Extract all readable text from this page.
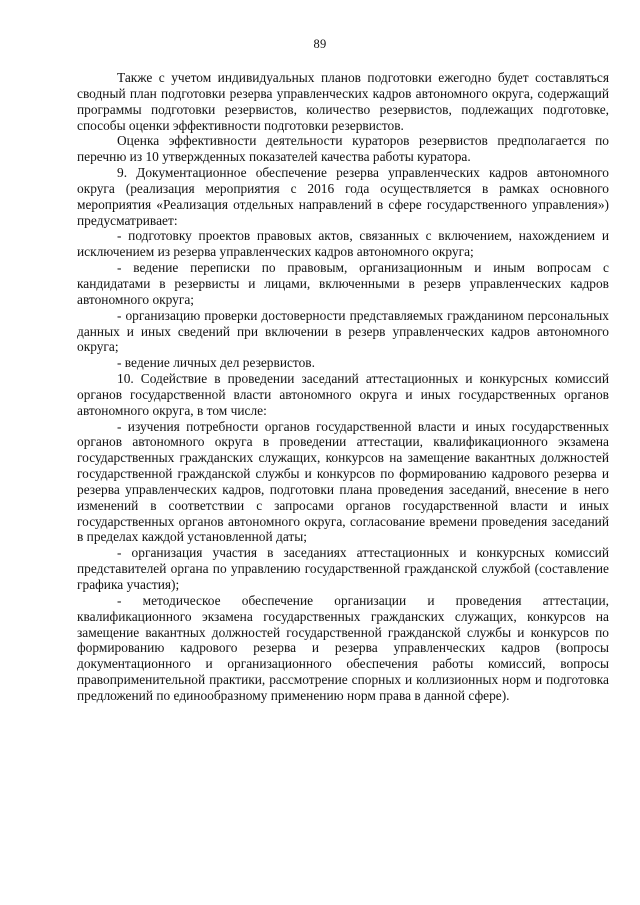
89

Также с учетом индивидуальных планов подготовки ежегодно будет составляться сводный план подготовки резерва управленческих кадров автономного округа, содержащий программы подготовки резервистов, количество резервистов, подлежащих подготовке, способы оценки эффективности подготовки резервистов.

Оценка эффективности деятельности кураторов резервистов предполагается по перечню из 10 утвержденных показателей качества работы куратора.

9. Документационное обеспечение резерва управленческих кадров автономного округа (реализация мероприятия с 2016 года осуществляется в рамках основного мероприятия «Реализация отдельных направлений в сфере государственного управления») предусматривает:

- подготовку проектов правовых актов, связанных с включением, нахождением и исключением из резерва управленческих кадров автономного округа;

- ведение переписки по правовым, организационным и иным вопросам с кандидатами в резервисты и лицами, включенными в резерв управленческих кадров автономного округа;

- организацию проверки достоверности представляемых гражданином персональных данных и иных сведений при включении в резерв управленческих кадров автономного округа;

- ведение личных дел резервистов.

10. Содействие в проведении заседаний аттестационных и конкурсных комиссий органов государственной власти автономного округа и иных государственных органов автономного округа, в том числе:

- изучения потребности органов государственной власти и иных государственных органов автономного округа в проведении аттестации, квалификационного экзамена государственных гражданских служащих, конкурсов на замещение вакантных должностей государственной гражданской службы и конкурсов по формированию кадрового резерва и резерва управленческих кадров, подготовки плана проведения заседаний, внесение в него изменений в соответствии с запросами органов государственной власти и иных государственных органов автономного округа, согласование времени проведения заседаний в пределах каждой установленной даты;

- организация участия в заседаниях аттестационных и конкурсных комиссий представителей органа по управлению государственной гражданской службой (составление графика участия);

- методическое обеспечение организации и проведения аттестации, квалификационного экзамена государственных гражданских служащих, конкурсов на замещение вакантных должностей государственной гражданской службы и конкурсов по формированию кадрового резерва и резерва управленческих кадров (вопросы документационного и организационного обеспечения работы комиссий, вопросы правоприменительной практики, рассмотрение спорных и коллизионных норм и подготовка предложений по единообразному применению норм права в данной сфере).
